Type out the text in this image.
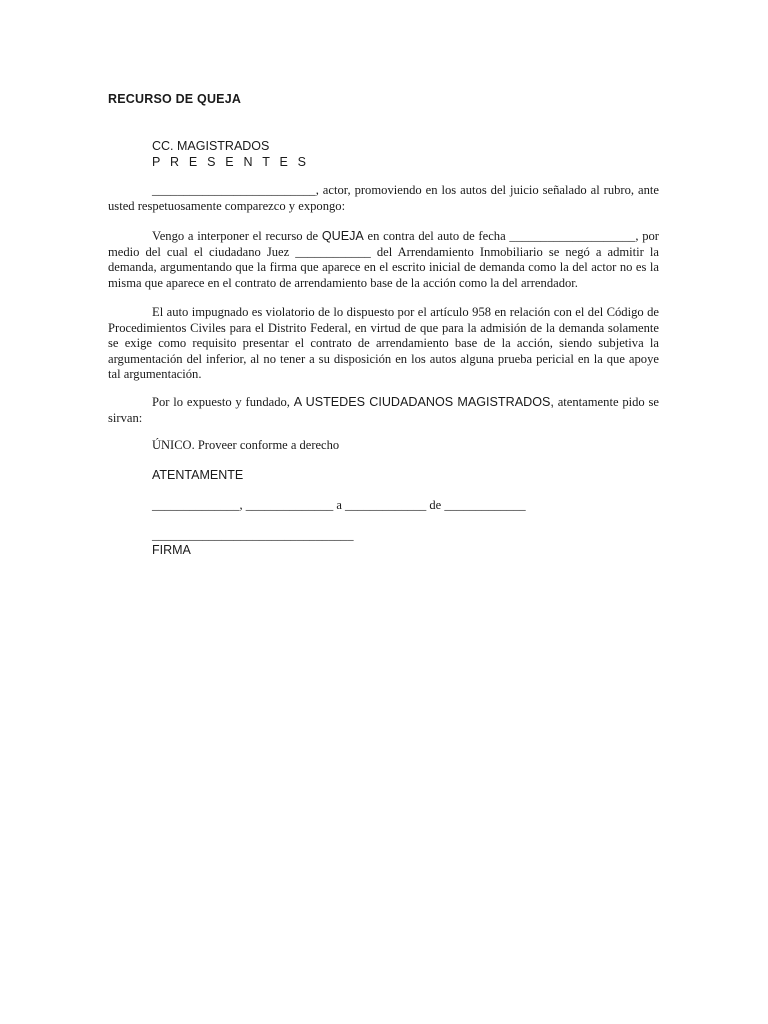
RECURSO DE QUEJA
CC. MAGISTRADOS
P R E S E N T E S

__________________________, actor, promoviendo en los autos del juicio señalado al rubro, ante usted respetuosamente comparezco y expongo:

Vengo a interponer el recurso de QUEJA en contra del auto de fecha ____________________, por medio del cual el ciudadano Juez ____________ del Arrendamiento Inmobiliario se negó a admitir la demanda, argumentando que la firma que aparece en el escrito inicial de demanda como la del actor no es la misma que aparece en el contrato de arrendamiento base de la acción como la del arrendador.

El auto impugnado es violatorio de lo dispuesto por el artículo 958 en relación con el del Código de Procedimientos Civiles para el Distrito Federal, en virtud de que para la admisión de la demanda solamente se exige como requisito presentar el contrato de arrendamiento base de la acción, siendo subjetiva la argumentación del inferior, al no tener a su disposición en los autos alguna prueba pericial en la que apoye tal argumentación.

Por lo expuesto y fundado, A USTEDES CIUDADANOS MAGISTRADOS, atentamente pido se sirvan:

ÚNICO. Proveer conforme a derecho
ATENTAMENTE
______________, ______________ a _____________ de _____________
________________________________
FIRMA
